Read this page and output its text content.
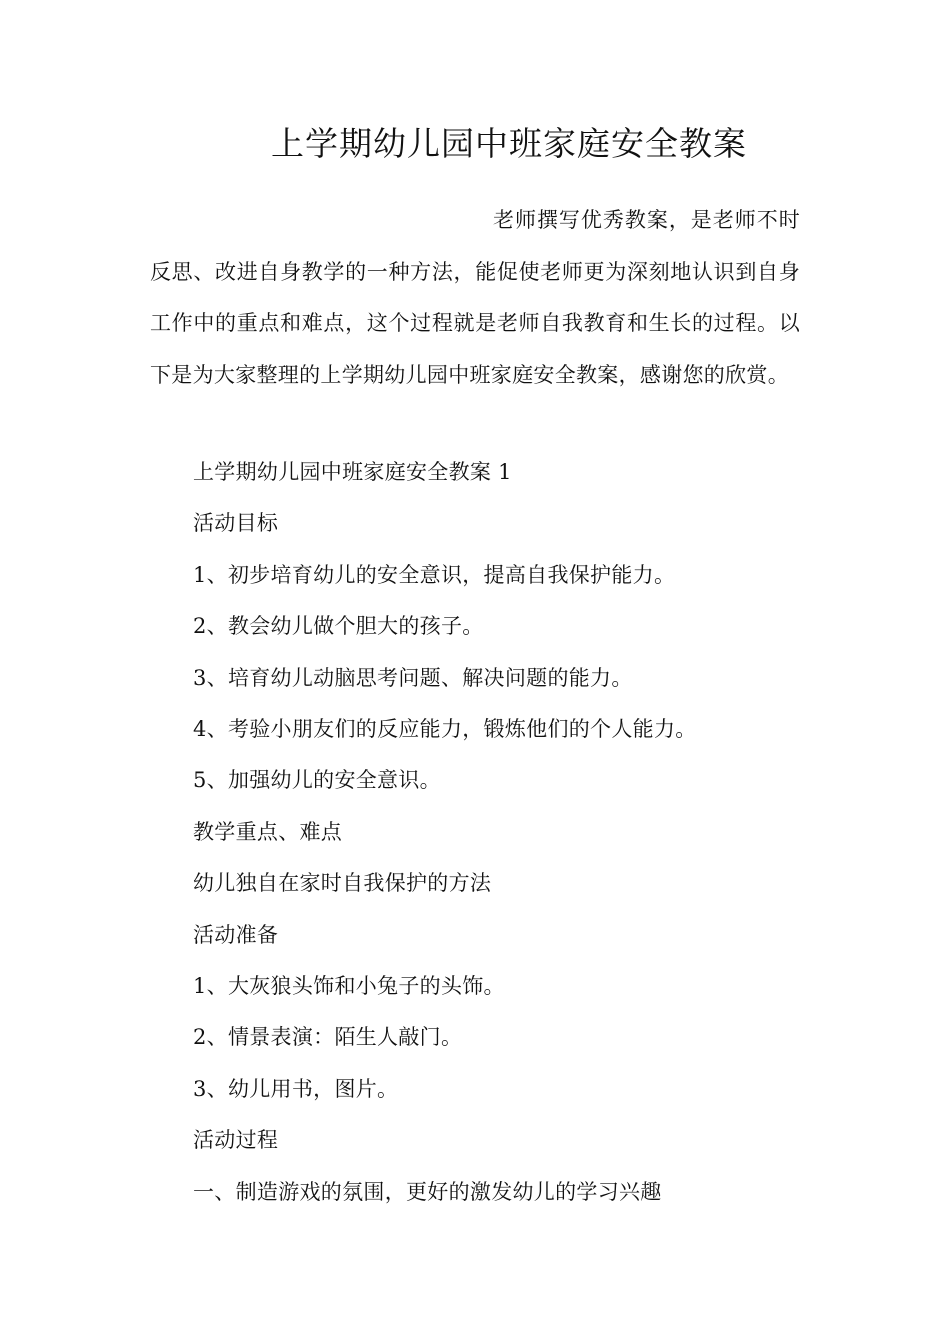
上学期幼儿园中班家庭安全教案
老师撰写优秀教案，是老师不时反思、改进自身教学的一种方法，能促使老师更为深刻地认识到自身工作中的重点和难点，这个过程就是老师自我教育和生长的过程。以下是为大家整理的上学期幼儿园中班家庭安全教案，感谢您的欣赏。
上学期幼儿园中班家庭安全教案 1
活动目标
1、初步培育幼儿的安全意识，提高自我保护能力。
2、教会幼儿做个胆大的孩子。
3、培育幼儿动脑思考问题、解决问题的能力。
4、考验小朋友们的反应能力，锻炼他们的个人能力。
5、加强幼儿的安全意识。
教学重点、难点
幼儿独自在家时自我保护的方法
活动准备
1、大灰狼头饰和小兔子的头饰。
2、情景表演：陌生人敲门。
3、幼儿用书，图片。
活动过程
一、制造游戏的氛围，更好的激发幼儿的学习兴趣
